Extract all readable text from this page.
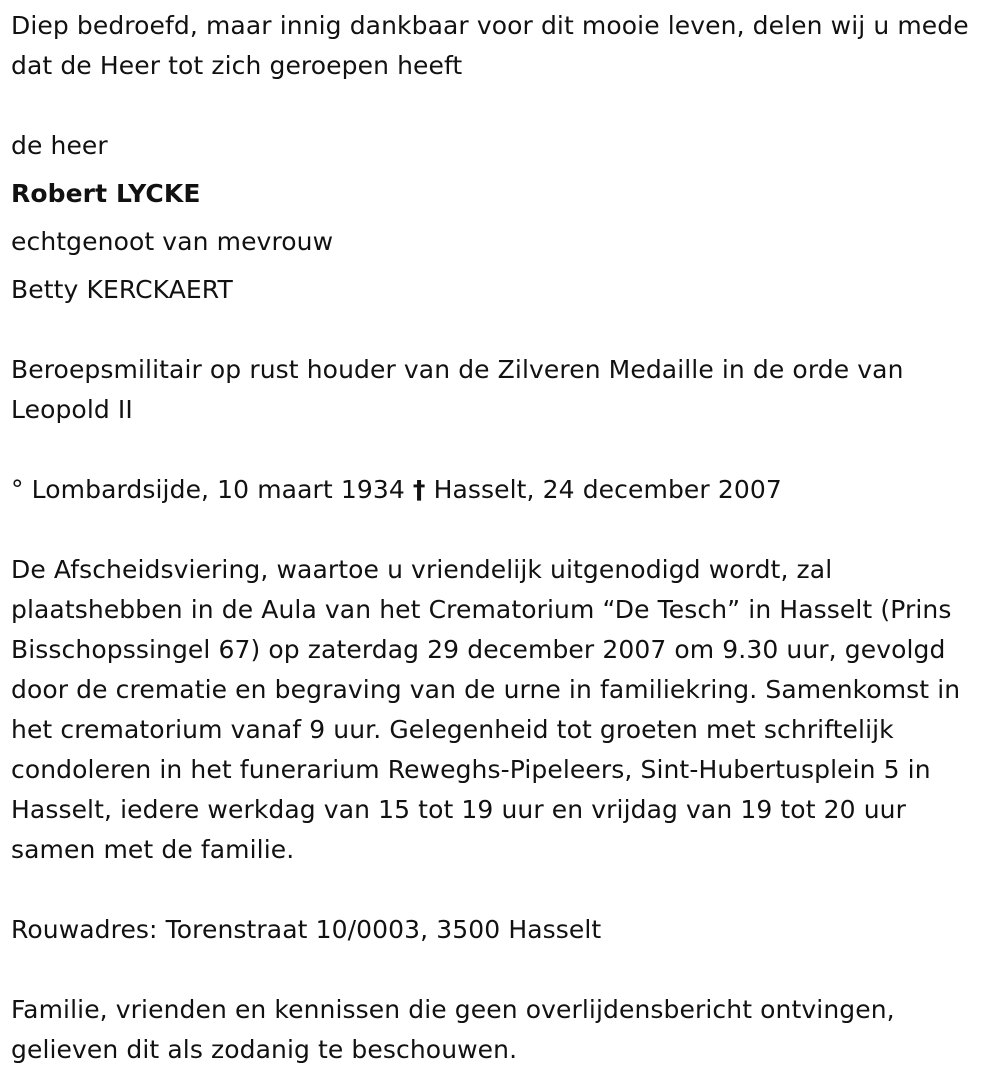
Diep bedroefd, maar innig dankbaar voor dit mooie leven, delen wij u mede dat de Heer tot zich geroepen heeft

de heer

Robert LYCKE

echtgenoot van mevrouw

Betty KERCKAERT

Beroepsmilitair op rust houder van de Zilveren Medaille in de orde van Leopold II

° Lombardsijde, 10 maart 1934 † Hasselt, 24 december 2007

De Afscheidsviering, waartoe u vriendelijk uitgenodigd wordt, zal plaatshebben in de Aula van het Crematorium “De Tesch” in Hasselt (Prins Bisschopssingel 67) op zaterdag 29 december 2007 om 9.30 uur, gevolgd door de crematie en begraving van de urne in familiekring. Samenkomst in het crematorium vanaf 9 uur. Gelegenheid tot groeten met schriftelijk condoleren in het funerarium Reweghs-Pipeleers, Sint-Hubertusplein 5 in Hasselt, iedere werkdag van 15 tot 19 uur en vrijdag van 19 tot 20 uur samen met de familie.

Rouwadres: Torenstraat 10/0003, 3500 Hasselt

Familie, vrienden en kennissen die geen overlijdensbericht ontvingen, gelieven dit als zodanig te beschouwen.
